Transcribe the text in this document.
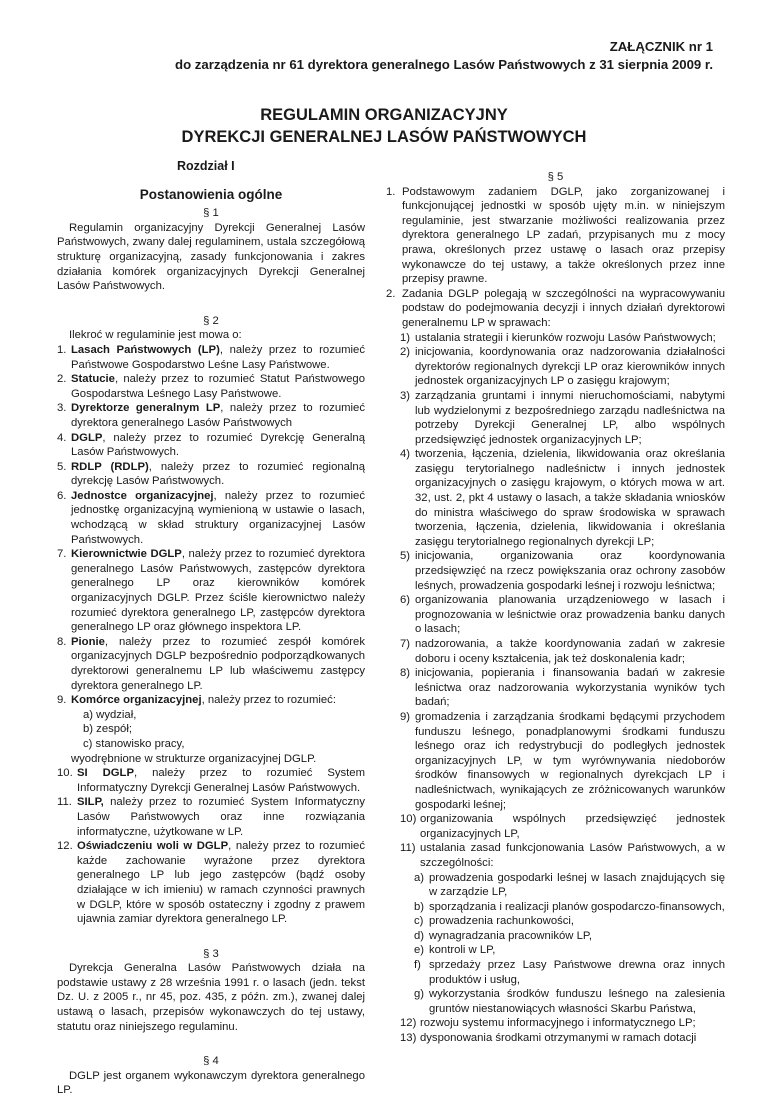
ZAŁĄCZNIK nr 1
do zarządzenia nr 61 dyrektora generalnego Lasów Państwowych z 31 sierpnia 2009 r.
REGULAMIN ORGANIZACYJNY
DYREKCJI GENERALNEJ LASÓW PAŃSTWOWYCH
Rozdział I
Postanowienia ogólne
§ 1

Regulamin organizacyjny Dyrekcji Generalnej Lasów Państwowych, zwany dalej regulaminem, ustala szczegółową strukturę organizacyjną, zasady funkcjonowania i zakres działania komórek organizacyjnych Dyrekcji Generalnej Lasów Państwowych.

§ 2

Ilekroć w regulaminie jest mowa o:

1. Lasach Państwowych (LP), należy przez to rozumieć Państwowe Gospodarstwo Leśne Lasy Państwowe.
2. Statucie, należy przez to rozumieć Statut Państwowego Gospodarstwa Leśnego Lasy Państwowe.
3. Dyrektorze generalnym LP, należy przez to rozumieć dyrektora generalnego Lasów Państwowych
4. DGLP, należy przez to rozumieć Dyrekcję Generalną Lasów Państwowych.
5. RDLP (RDLP), należy przez to rozumieć regionalną dyrekcję Lasów Państwowych.
6. Jednostce organizacyjnej, należy przez to rozumieć jednostkę organizacyjną wymienioną w ustawie o lasach, wchodzącą w skład struktury organizacyjnej Lasów Państwowych.
7. Kierownictwie DGLP, należy przez to rozumieć dyrektora generalnego Lasów Państwowych, zastępców dyrektora generalnego LP oraz kierowników komórek organizacyjnych DGLP. Przez ściśle kierownictwo należy rozumieć dyrektora generalnego LP, zastępców dyrektora generalnego LP oraz głównego inspektora LP.
8. Pionie, należy przez to rozumieć zespół komórek organizacyjnych DGLP bezpośrednio podporządkowanych dyrektorowi generalnemu LP lub właściwemu zastępcy dyrektora generalnego LP.
9. Komórce organizacyjnej, należy przez to rozumieć:
a) wydział,
b) zespół;
c) stanowisko pracy,
wyodrębnione w strukturze organizacyjnej DGLP.
10. SI DGLP, należy przez to rozumieć System Informatyczny Dyrekcji Generalnej Lasów Państwowych.
11. SILP, należy przez to rozumieć System Informatyczny Lasów Państwowych oraz inne rozwiązania informatyczne, użytkowane w LP.
12. Oświadczeniu woli w DGLP, należy przez to rozumieć każde zachowanie wyrażone przez dyrektora generalnego LP lub jego zastępców (bądź osoby działające w ich imieniu) w ramach czynności prawnych w DGLP, które w sposób ostateczny i zgodny z prawem ujawnia zamiar dyrektora generalnego LP.
§ 3

Dyrekcja Generalna Lasów Państwowych działa na podstawie ustawy z 28 września 1991 r. o lasach (jedn. tekst Dz. U. z 2005 r., nr 45, poz. 435, z późn. zm.), zwanej dalej ustawą o lasach, przepisów wykonawczych do tej ustawy, statutu oraz niniejszego regulaminu.

§ 4

DGLP jest organem wykonawczym dyrektora generalnego LP.

§ 5
1. Podstawowym zadaniem DGLP, jako zorganizowanej i funkcjonującej jednostki w sposób ujęty m.in. w niniejszym regulaminie, jest stwarzanie możliwości realizowania przez dyrektora generalnego LP zadań, przypisanych mu z mocy prawa, określonych przez ustawę o lasach oraz przepisy wykonawcze do tej ustawy, a także określonych przez inne przepisy prawne.
2. Zadania DGLP polegają w szczególności na wypracowywaniu podstaw do podejmowania decyzji i innych działań dyrektorowi generalnemu LP w sprawach:
1) ustalania strategii i kierunków rozwoju Lasów Państwowych;
2) inicjowania, koordynowania oraz nadzorowania działalności dyrektorów regionalnych dyrekcji LP oraz kierowników innych jednostek organizacyjnych LP o zasięgu krajowym;
3) zarządzania gruntami i innymi nieruchomościami, nabytymi lub wydzielonymi z bezpośredniego zarządu nadleśnictwa na potrzeby Dyrekcji Generalnej LP, albo wspólnych przedsięwzięć jednostek organizacyjnych LP;
4) tworzenia, łączenia, dzielenia, likwidowania oraz określania zasięgu terytorialnego nadleśnictw i innych jednostek organizacyjnych o zasięgu krajowym, o których mowa w art. 32, ust. 2, pkt 4 ustawy o lasach, a także składania wniosków do ministra właściwego do spraw środowiska w sprawach tworzenia, łączenia, dzielenia, likwidowania i określania zasięgu terytorialnego regionalnych dyrekcji LP;
5) inicjowania, organizowania oraz koordynowania przedsięwzięć na rzecz powiększania oraz ochrony zasobów leśnych, prowadzenia gospodarki leśnej i rozwoju leśnictwa;
6) organizowania planowania urządzeniowego w lasach i prognozowania w leśnictwie oraz prowadzenia banku danych o lasach;
7) nadzorowania, a także koordynowania zadań w zakresie doboru i oceny kształcenia, jak też doskonalenia kadr;
8) inicjowania, popierania i finansowania badań w zakresie leśnictwa oraz nadzorowania wykorzystania wyników tych badań;
9) gromadzenia i zarządzania środkami będącymi przychodem funduszu leśnego, ponadplanowymi środkami funduszu leśnego oraz ich redystrybucji do podległych jednostek organizacyjnych LP, w tym wyrównywania niedoborów środków finansowych w regionalnych dyrekcjach LP i nadleśnictwach, wynikających ze zróżnicowanych warunków gospodarki leśnej;
10) organizowania wspólnych przedsięwzięć jednostek organizacyjnych LP,
11) ustalania zasad funkcjonowania Lasów Państwowych, a w szczególności:
a) prowadzenia gospodarki leśnej w lasach znajdujących się w zarządzie LP,
b) sporządzania i realizacji planów gospodarczo-finansowych,
c) prowadzenia rachunkowości,
d) wynagradzania pracowników LP,
e) kontroli w LP,
f) sprzedaży przez Lasy Państwowe drewna oraz innych produktów i usług,
g) wykorzystania środków funduszu leśnego na zalesienia gruntów niestanowiących własności Skarbu Państwa,
12) rozwoju systemu informacyjnego i informatycznego LP;
13) dysponowania środkami otrzymanymi w ramach dotacji
